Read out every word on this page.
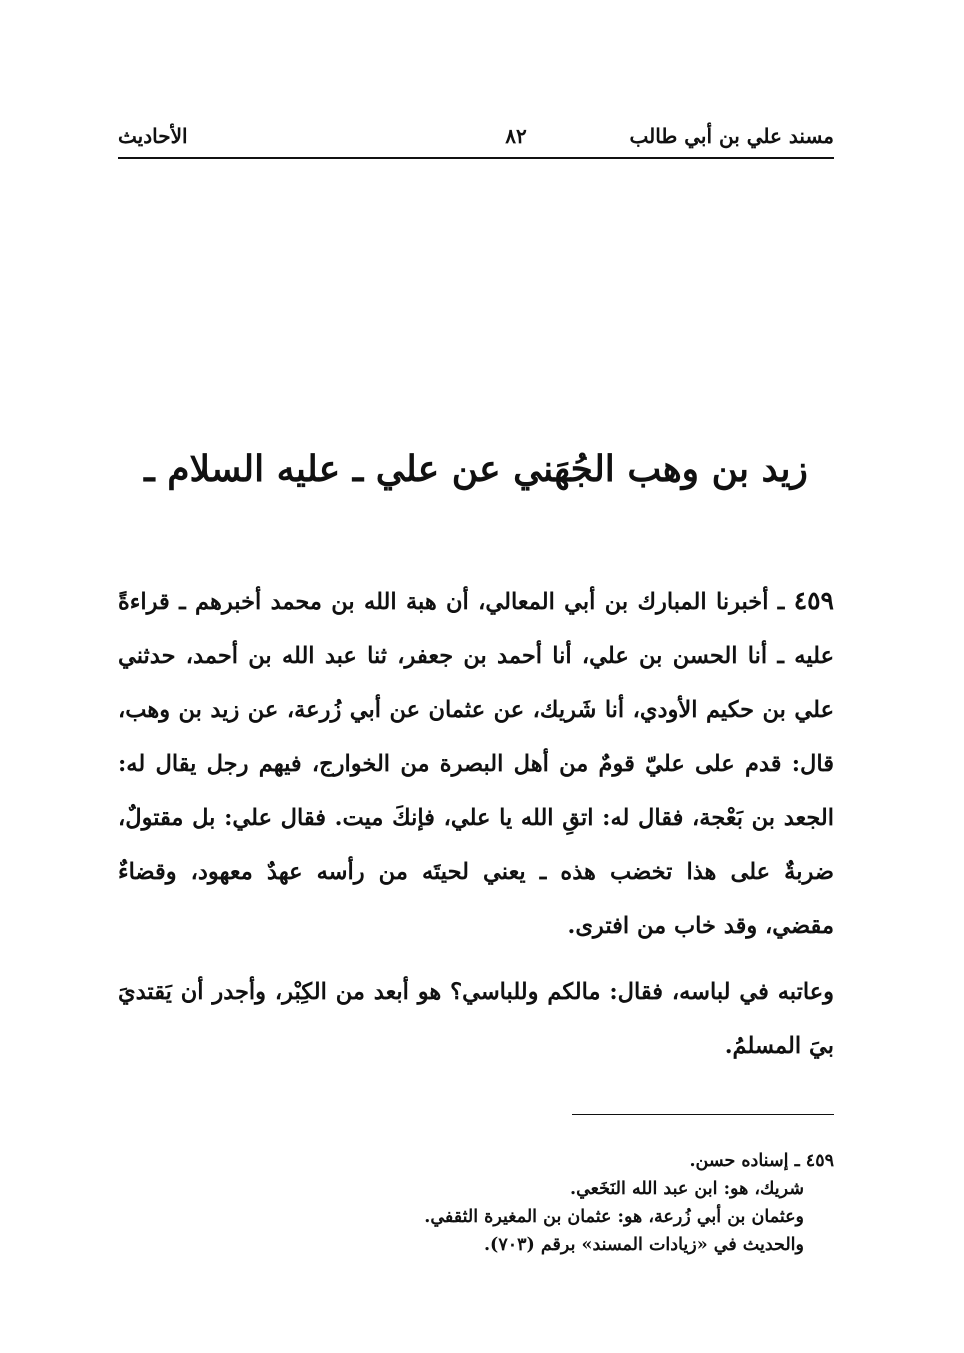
مسند علي بن أبي طالب
٨٢
الأحاديث
زيد بن وهب الجُهَني عن علي ـ عليه السلام ـ

٤٥٩ ـ أخبرنا المبارك بن أبي المعالي، أن هبة الله بن محمد أخبرهم ـ قراءةً عليه ـ أنا الحسن بن علي، أنا أحمد بن جعفر، ثنا عبد الله بن أحمد، حدثني علي بن حكيم الأودي، أنا شَريك، عن عثمان عن أبي زُرعة، عن زيد بن وهب، قال: قدم على عليّ قومٌ من أهل البصرة من الخوارج، فيهم رجل يقال له: الجعد بن بَعْجة، فقال له: اتقِ الله يا علي، فإنكَ ميت. فقال علي: بل مقتولٌ، ضربةٌ على هذا تخضب هذه ـ يعني لحيتَه من رأسه عهدٌ معهود، وقضاءٌ مقضي، وقد خاب من افترى.

وعاتبه في لباسه، فقال: مالكم وللباسي؟ هو أبعد من الكِبْر، وأجدر أن يَقتديَ بيَ المسلمُ.

٤٥٩ ـ إسناده حسن.
شريك، هو: ابن عبد الله النَخَعي.
وعثمان بن أبي زُرعة، هو: عثمان بن المغيرة الثقفي.
والحديث في «زيادات المسند» برقم (٧٠٣).
